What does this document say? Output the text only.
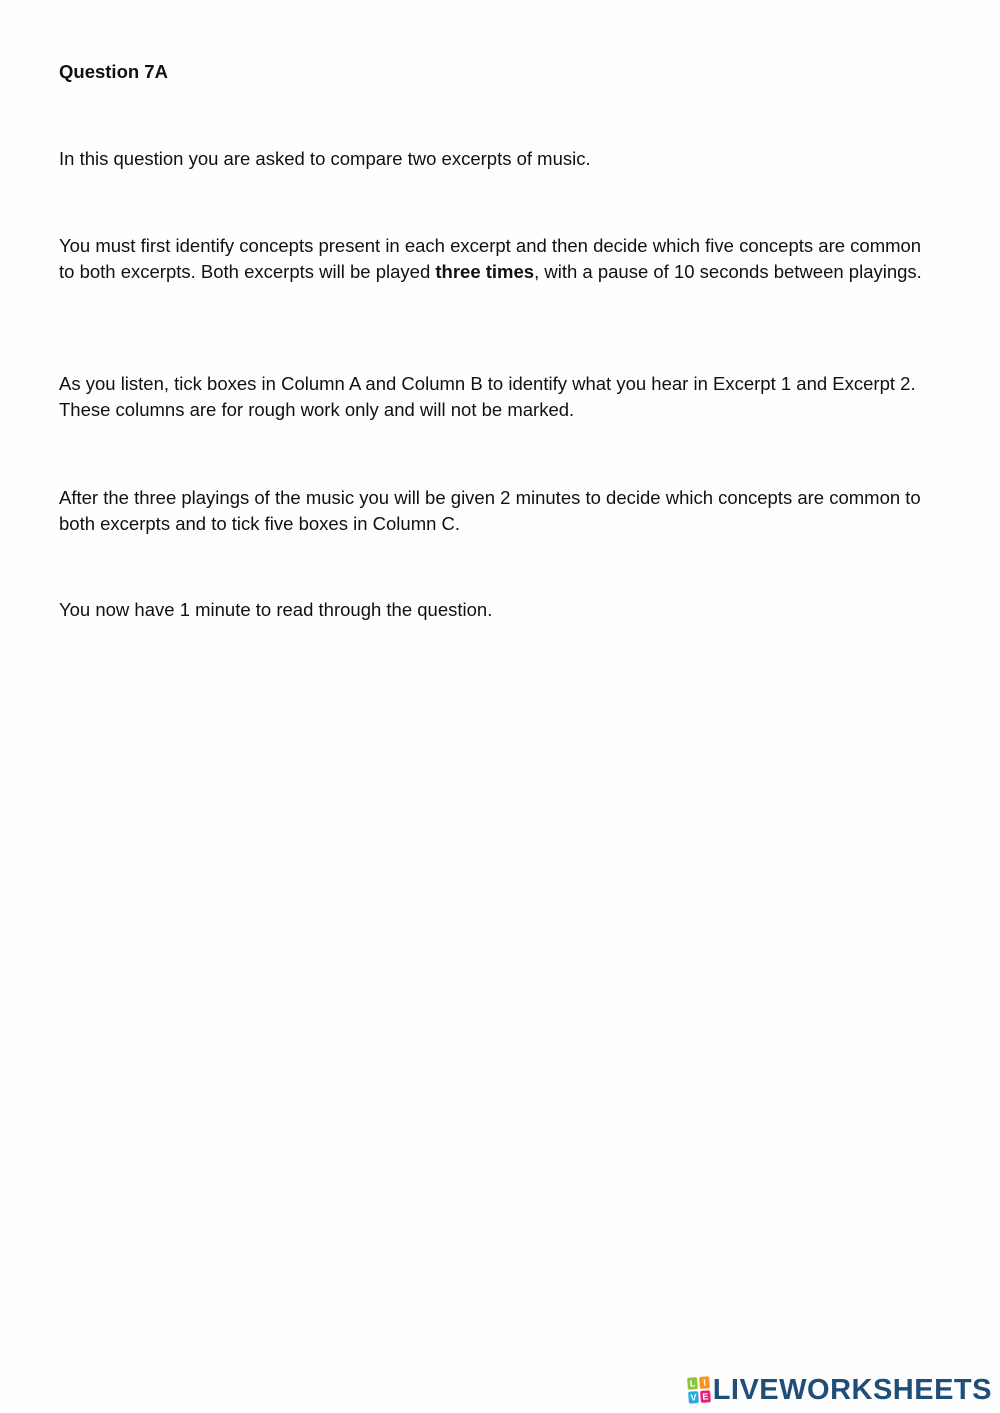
Question 7A

In this question you are asked to compare two excerpts of music.

You must first identify concepts present in each excerpt and then decide which five concepts are common to both excerpts. Both excerpts will be played three times, with a pause of 10 seconds between playings.

As you listen, tick boxes in Column A and Column B to identify what you hear in Excerpt 1 and Excerpt 2. These columns are for rough work only and will not be marked.

After the three playings of the music you will be given 2 minutes to decide which concepts are common to both excerpts and to tick five boxes in Column C.

You now have 1 minute to read through the question.

L I
V E LIVEWORKSHEETS
